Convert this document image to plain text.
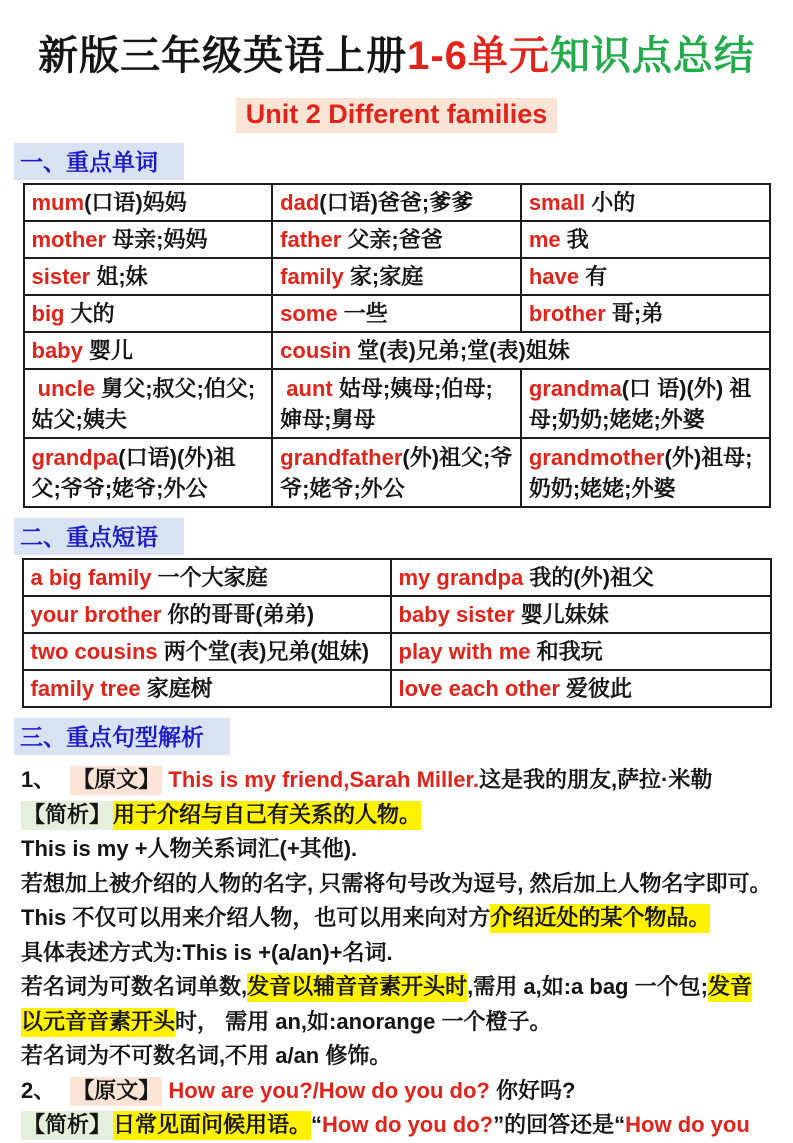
新版三年级英语上册1-6单元知识点总结
Unit 2 Different families
一、重点单词
mum(口语)妈妈	dad(口语)爸爸;爹爹	small 小的
mother 母亲;妈妈	father 父亲;爸爸	me 我
sister 姐;妹	family 家;家庭	have 有
big 大的	some 一些	brother 哥;弟
baby 婴儿	cousin 堂(表)兄弟;堂(表)姐妹	
uncle 舅父;叔父;伯父;姑父;姨夫	aunt 姑母;姨母;伯母;婶母;舅母	grandma(口 语)(外) 祖母;奶奶;姥姥;外婆
grandpa(口语)(外)祖父;爷爷;姥爷;外公	grandfather(外)祖父;爷爷;姥爷;外公	grandmother(外)祖母;奶奶;姥姥;外婆
二、重点短语
a big family 一个大家庭	my grandpa 我的(外)祖父
your brother 你的哥哥(弟弟)	baby sister 婴儿妹妹
two cousins 两个堂(表)兄弟(姐妹)	play with me 和我玩
family tree 家庭树	love each other 爱彼此
三、重点句型解析
1、 【原文】 This is my friend,Sarah Miller.这是我的朋友,萨拉·米勒
【简析】用于介绍与自己有关系的人物。
This is my +人物关系词汇(+其他).
若想加上被介绍的人物的名字, 只需将句号改为逗号, 然后加上人物名字即可。
This 不仅可以用来介绍人物，也可以用来向对方介绍近处的某个物品。
具体表述方式为:This is +(a/an)+名词.
若名词为可数名词单数,发音以辅音音素开头时,需用 a,如:a bag 一个包;发音
以元音音素开头时， 需用 an,如:anorange 一个橙子。
若名词为不可数名词,不用 a/an 修饰。
2、 【原文】 How are you?/How do you do? 你好吗?
【简析】日常见面问候用语。“How do you do?”的回答还是“How do you
